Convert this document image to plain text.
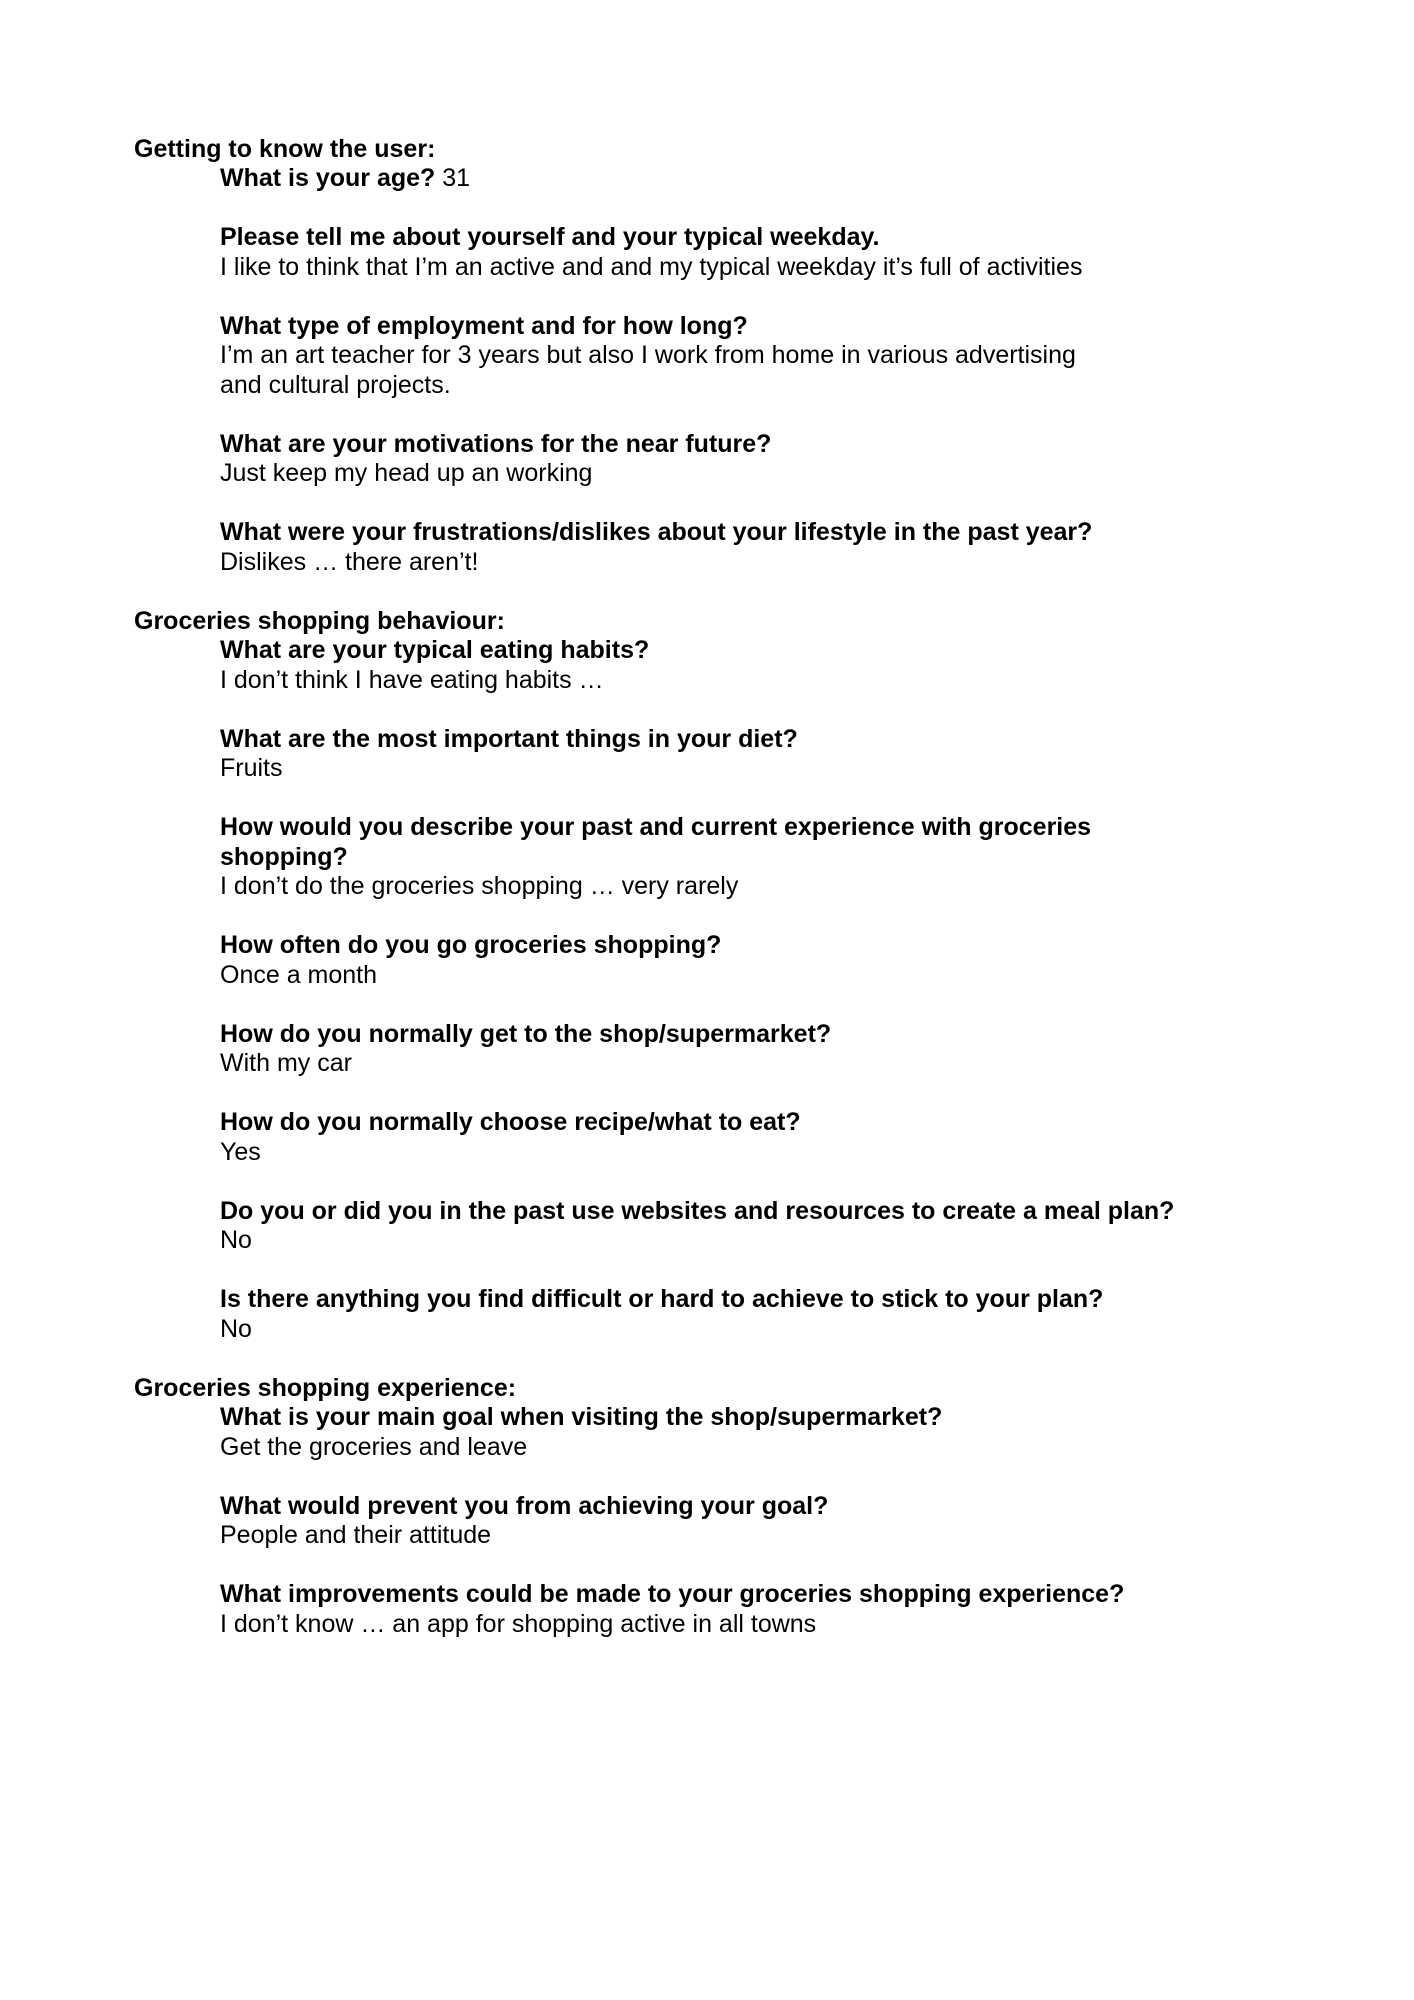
Getting to know the user:
What is your age? 31
Please tell me about yourself and your typical weekday.
I like to think that I’m an active and and my typical weekday it’s full of activities
What type of employment and for how long?
I’m an art teacher for 3 years but also I work from home in various advertising
and cultural projects.
What are your motivations for the near future?
Just keep my head up an working
What were your frustrations/dislikes about your lifestyle in the past year?
Dislikes … there aren’t!
Groceries shopping behaviour:
What are your typical eating habits?
I don’t think I have eating habits …
What are the most important things in your diet?
Fruits
How would you describe your past and current experience with groceries
shopping?
I don’t do the groceries shopping … very rarely
How often do you go groceries shopping?
Once a month
How do you normally get to the shop/supermarket?
With my car
How do you normally choose recipe/what to eat?
Yes
Do you or did you in the past use websites and resources to create a meal plan?
No
Is there anything you find difficult or hard to achieve to stick to your plan?
No
Groceries shopping experience:
What is your main goal when visiting the shop/supermarket?
Get the groceries and leave
What would prevent you from achieving your goal?
People and their attitude
What improvements could be made to your groceries shopping experience?
I don’t know … an app for shopping active in all towns
